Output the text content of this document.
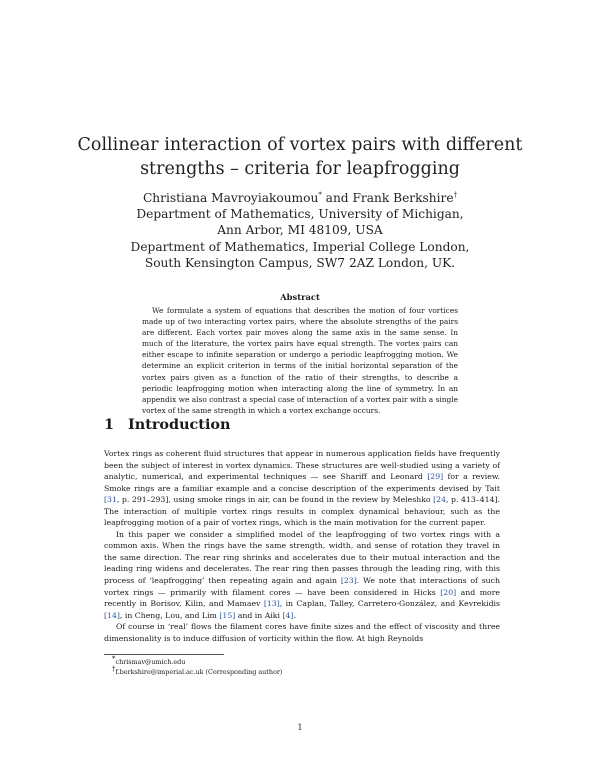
Collinear interaction of vortex pairs with different
strengths – criteria for leapfrogging
Christiana Mavroyiakoumou* and Frank Berkshire†
Department of Mathematics, University of Michigan,
Ann Arbor, MI 48109, USA
Department of Mathematics, Imperial College London,
South Kensington Campus, SW7 2AZ London, UK.
Abstract

We formulate a system of equations that describes the motion of four vortices made up of two interacting vortex pairs, where the absolute strengths of the pairs are different. Each vortex pair moves along the same axis in the same sense. In much of the literature, the vortex pairs have equal strength. The vortex pairs can either escape to infinite separation or undergo a periodic leapfrogging motion. We determine an explicit criterion in terms of the initial horizontal separation of the vortex pairs given as a function of the ratio of their strengths, to describe a periodic leapfrogging motion when interacting along the line of symmetry. In an appendix we also contrast a special case of interaction of a vortex pair with a single vortex of the same strength in which a vortex exchange occurs.

1 Introduction

Vortex rings as coherent fluid structures that appear in numerous application fields have frequently been the subject of interest in vortex dynamics. These structures are well-studied using a variety of analytic, numerical, and experimental techniques — see Shariff and Leonard [29] for a review. Smoke rings are a familiar example and a concise description of the experiments devised by Tait [31, p. 291–293], using smoke rings in air, can be found in the review by Meleshko [24, p. 413–414]. The interaction of multiple vortex rings results in complex dynamical behaviour, such as the leapfrogging motion of a pair of vortex rings, which is the main motivation for the current paper.

In this paper we consider a simplified model of the leapfrogging of two vortex rings with a common axis. When the rings have the same strength, width, and sense of rotation they travel in the same direction. The rear ring shrinks and accelerates due to their mutual interaction and the leading ring widens and decelerates. The rear ring then passes through the leading ring, with this process of ‘leapfrogging’ then repeating again and again [23]. We note that interactions of such vortex rings — primarily with filament cores — have been considered in Hicks [20] and more recently in Borisov, Kilin, and Mamaev [13], in Caplan, Talley, Carretero-González, and Kevrekidis [14], in Cheng, Lou, and Lim [15] and in Aiki [4].

Of course in ‘real’ flows the filament cores have finite sizes and the effect of viscosity and three dimensionality is to induce diffusion of vorticity within the flow. At high Reynolds

*chrismav@umich.edu
†f.berkshire@imperial.ac.uk (Corresponding author)
1
